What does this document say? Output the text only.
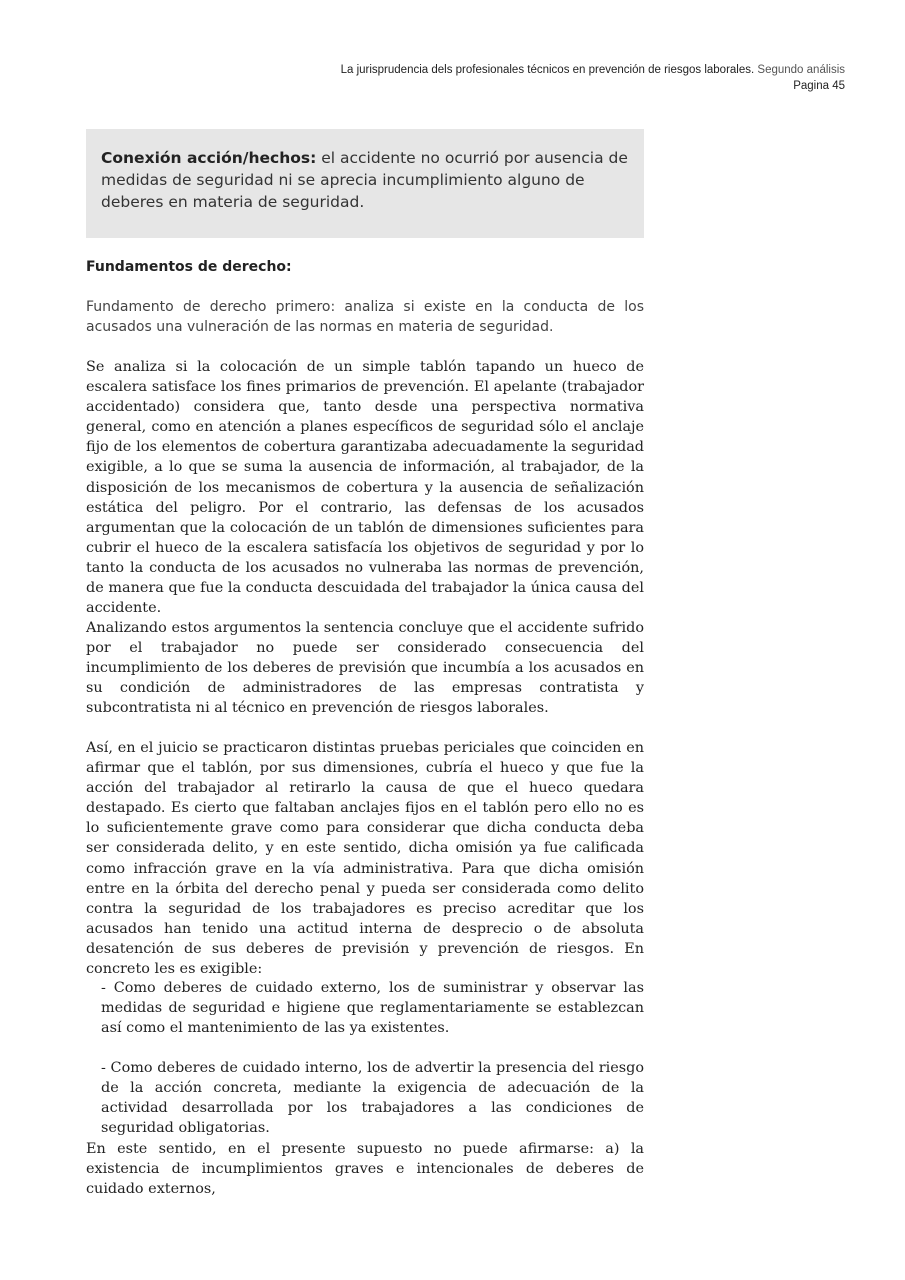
La jurisprudencia dels profesionales técnicos en prevención de riesgos laborales. Segundo análisis
Pagina 45
Conexión acción/hechos: el accidente no ocurrió por ausencia de medidas de seguridad ni se aprecia incumplimiento alguno de deberes en materia de seguridad.
Fundamentos de derecho:
Fundamento de derecho primero: analiza si existe en la conducta de los acusados una vulneración de las normas en materia de seguridad.

Se analiza si la colocación de un simple tablón tapando un hueco de escalera satisface los fines primarios de prevención. El apelante (trabajador accidentado) considera que, tanto desde una perspectiva normativa general, como en atención a planes específicos de seguridad sólo el anclaje fijo de los elementos de cobertura garantizaba adecuadamente la seguridad exigible, a lo que se suma la ausencia de información, al trabajador, de la disposición de los mecanismos de cobertura y la ausencia de señalización estática del peligro. Por el contrario, las defensas de los acusados argumentan que la colocación de un tablón de dimensiones suficientes para cubrir el hueco de la escalera satisfacía los objetivos de seguridad y por lo tanto la conducta de los acusados no vulneraba las normas de prevención, de manera que fue la conducta descuidada del trabajador la única causa del accidente.

Analizando estos argumentos la sentencia concluye que el accidente sufrido por el trabajador no puede ser considerado consecuencia del incumplimiento de los deberes de previsión que incumbía a los acusados en su condición de administradores de las empresas contratista y subcontratista ni al técnico en prevención de riesgos laborales.

Así, en el juicio se practicaron distintas pruebas periciales que coinciden en afirmar que el tablón, por sus dimensiones, cubría el hueco y que fue la acción del trabajador al retirarlo la causa de que el hueco quedara destapado. Es cierto que faltaban anclajes fijos en el tablón pero ello no es lo suficientemente grave como para considerar que dicha conducta deba ser considerada delito, y en este sentido, dicha omisión ya fue calificada como infracción grave en la vía administrativa. Para que dicha omisión entre en la órbita del derecho penal y pueda ser considerada como delito contra la seguridad de los trabajadores es preciso acreditar que los acusados han tenido una actitud interna de desprecio o de absoluta desatención de sus deberes de previsión y prevención de riesgos. En concreto les es exigible:

- Como deberes de cuidado externo, los de suministrar y observar las medidas de seguridad e higiene que reglamentariamente se establezcan así como el mantenimiento de las ya existentes.

- Como deberes de cuidado interno, los de advertir la presencia del riesgo de la acción concreta, mediante la exigencia de adecuación de la actividad desarrollada por los trabajadores a las condiciones de seguridad obligatorias.

En este sentido, en el presente supuesto no puede afirmarse: a) la existencia de incumplimientos graves e intencionales de deberes de cuidado externos,
